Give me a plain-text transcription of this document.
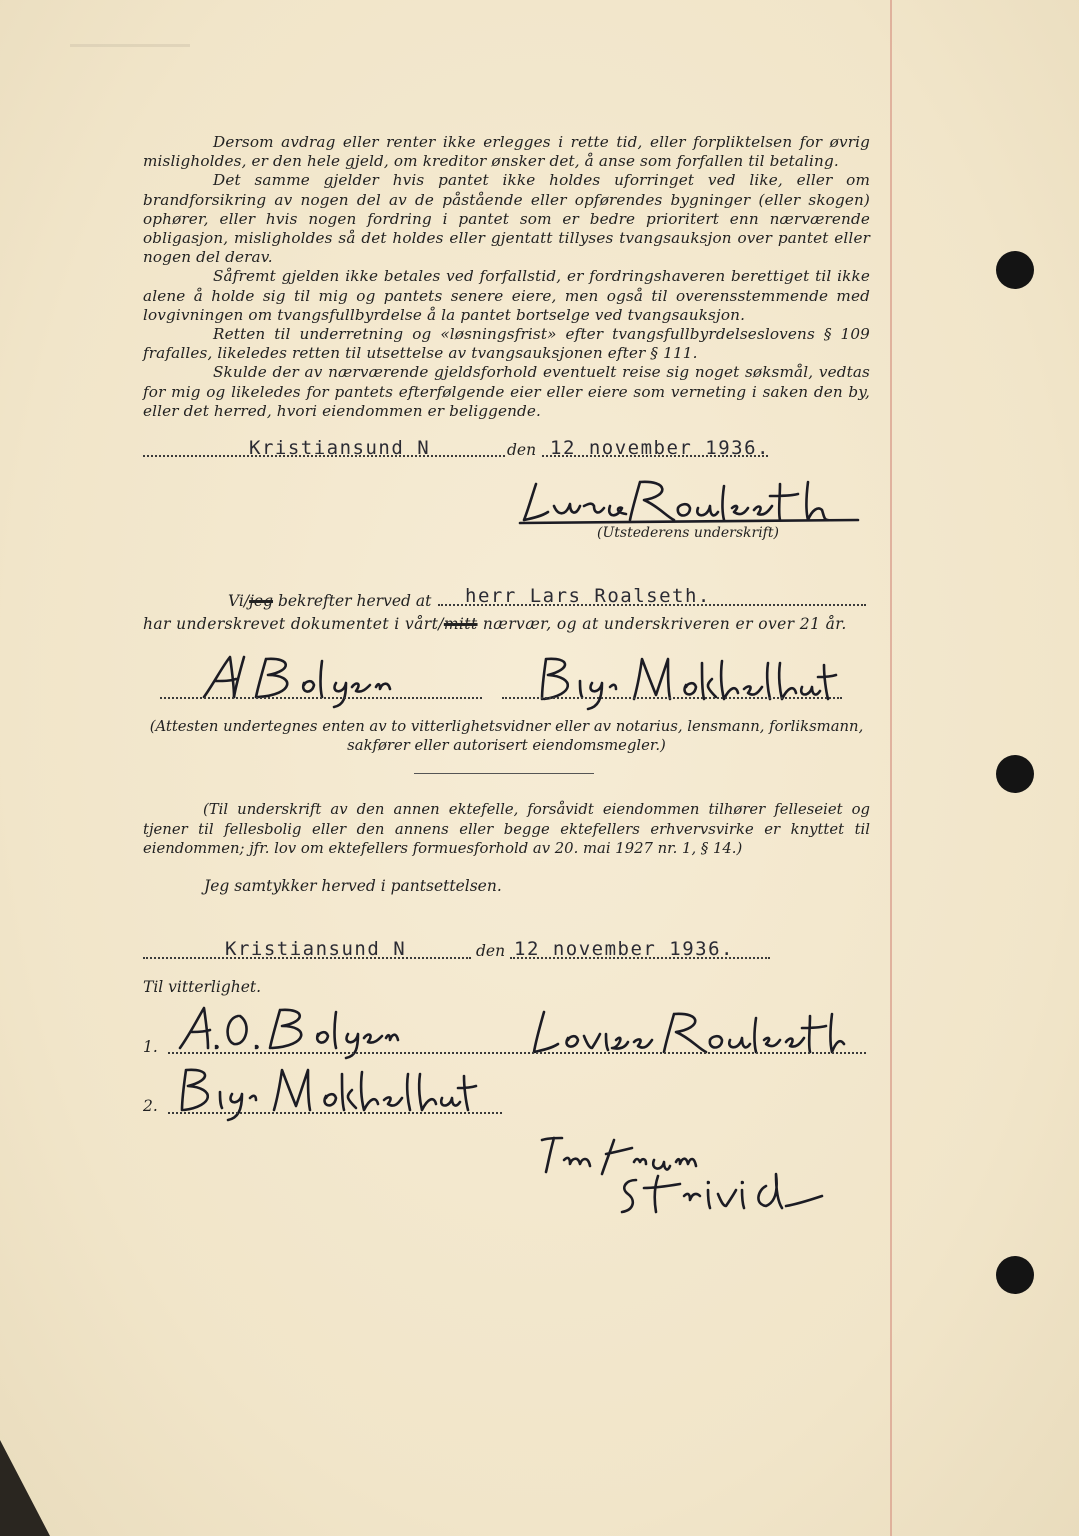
Dersom avdrag eller renter ikke erlegges i rette tid, eller forpliktelsen for øvrig misligholdes, er den hele gjeld, om kreditor ønsker det, å anse som forfallen til betaling.

Det samme gjelder hvis pantet ikke holdes uforringet ved like, eller om brandforsikring av nogen del av de påstående eller opførendes bygninger (eller skogen) ophører, eller hvis nogen fordring i pantet som er bedre prioritert enn nærværende obligasjon, misligholdes så det holdes eller gjentatt tillyses tvangsauksjon over pantet eller nogen del derav.

Såfremt gjelden ikke betales ved forfallstid, er fordringshaveren berettiget til ikke alene å holde sig til mig og pantets senere eiere, men også til overensstemmende med lovgivningen om tvangsfullbyrdelse å la pantet bortselge ved tvangsauksjon.

Retten til underretning og «løsningsfrist» efter tvangsfullbyrdelseslovens § 109 frafalles, likeledes retten til utsettelse av tvangsauksjonen efter § 111.

Skulde der av nærværende gjeldsforhold eventuelt reise sig noget søksmål, vedtas for mig og likeledes for pantets efterfølgende eier eller eiere som verneting i saken den by, eller det herred, hvori eiendommen er beliggende.

Kristiansund N	den 12 november 1936.
(Utstederens underskrift)
Vi/jeg bekrefter herved at herr Lars Roalseth.
har underskrevet dokumentet i vårt/mitt nærvær, og at underskriveren er over 21 år.
(Attesten undertegnes enten av to vitterlighetsvidner eller av notarius, lensmann, forliksmann, sakfører eller autorisert eiendomsmegler.)
(Til underskrift av den annen ektefelle, forsåvidt eiendommen tilhører felleseiet og tjener til fellesbolig eller den annens eller begge ektefellers erhvervsvirke er knyttet til eiendommen; jfr. lov om ektefellers formuesforhold av 20. mai 1927 nr. 1, § 14.)
Jeg samtykker herved i pantsettelsen.
Kristiansund N	den 12 november 1936.
Til vitterlighet.
1.
2.
